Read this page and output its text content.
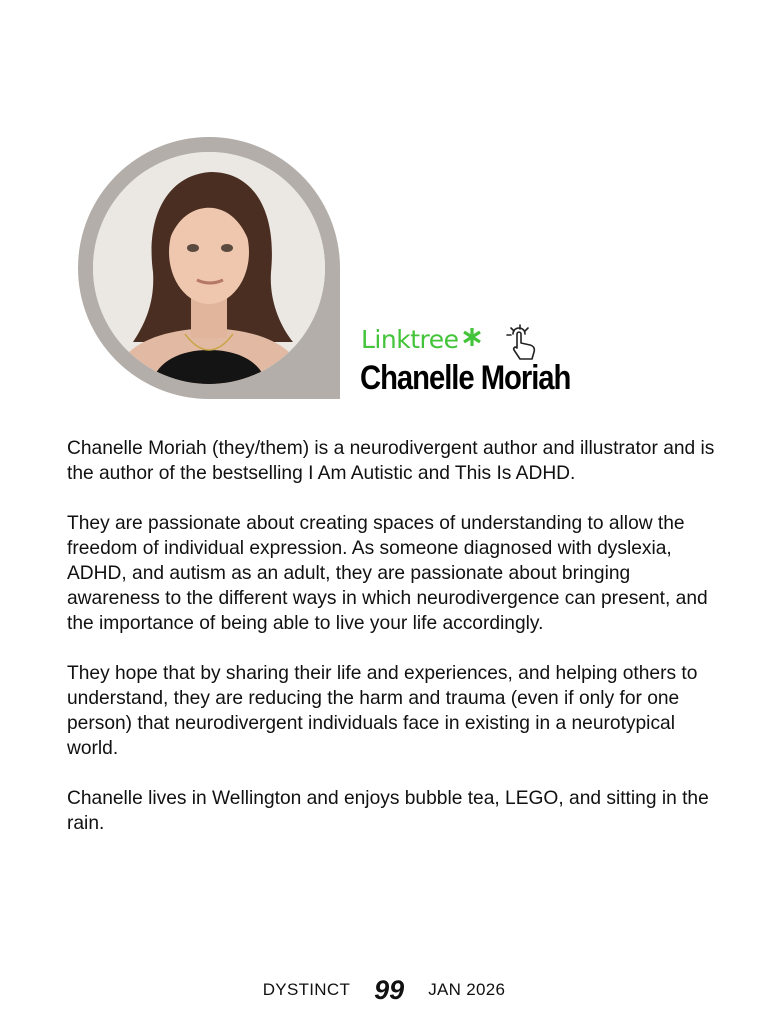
Linktree
Chanelle Moriah

Chanelle Moriah (they/them) is a neurodivergent author and illustrator and is the author of the bestselling I Am Autistic and This Is ADHD.

They are passionate about creating spaces of understanding to allow the freedom of individual expression. As someone diagnosed with dyslexia, ADHD, and autism as an adult, they are passionate about bringing awareness to the different ways in which neurodivergence can present, and the importance of being able to live your life accordingly.

They hope that by sharing their life and experiences, and helping others to understand, they are reducing the harm and trauma (even if only for one person) that neurodivergent individuals face in existing in a neurotypical world.

Chanelle lives in Wellington and enjoys bubble tea, LEGO, and sitting in the rain.

DYSTINCT 99 JAN 2026
